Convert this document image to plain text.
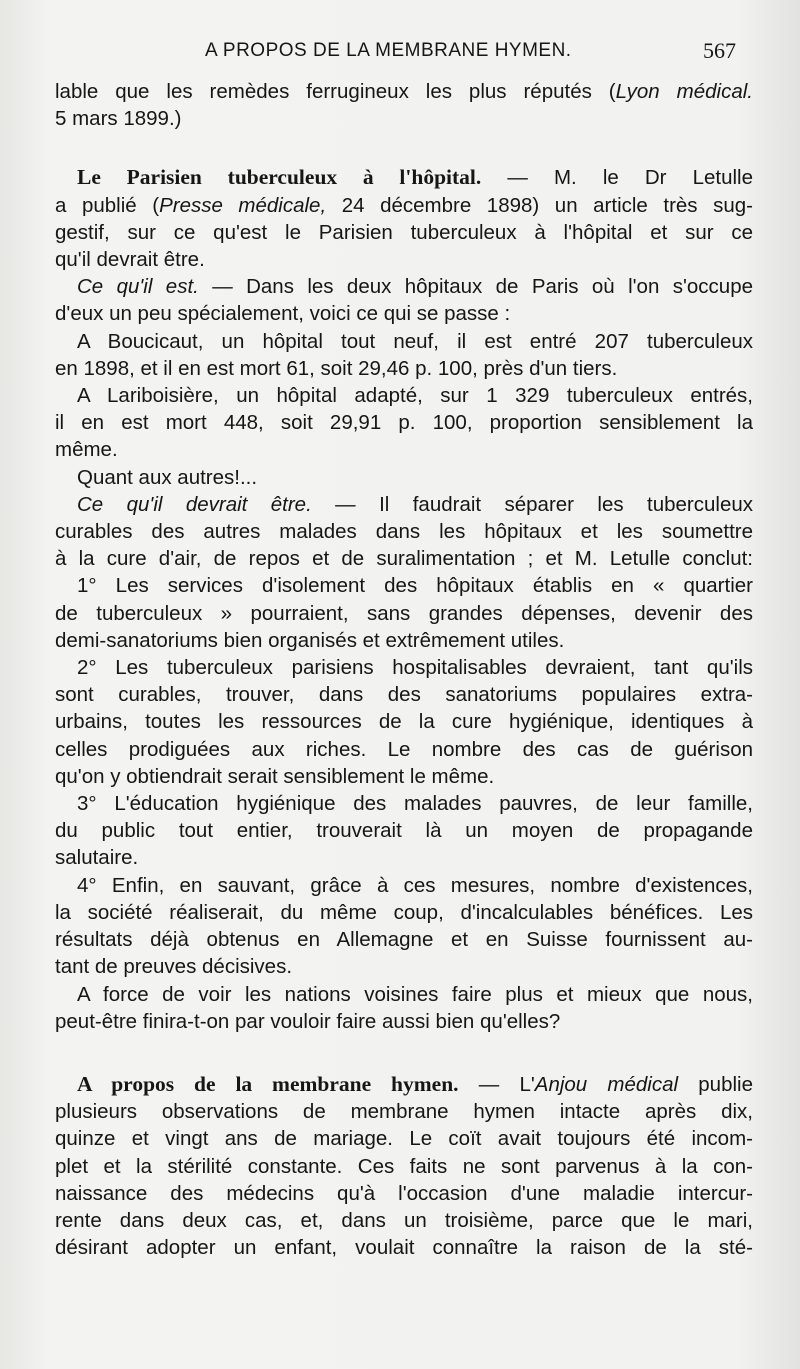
A PROPOS DE LA MEMBRANE HYMEN.	567
lable que les remèdes ferrugineux les plus réputés (Lyon médical.
5 mars 1899.)
Le Parisien tuberculeux à l'hôpital. — M. le Dr Letulle
a publié (Presse médicale, 24 décembre 1898) un article très sug-
gestif, sur ce qu'est le Parisien tuberculeux à l'hôpital et sur ce
qu'il devrait être.
Ce qu'il est. — Dans les deux hôpitaux de Paris où l'on s'occupe
d'eux un peu spécialement, voici ce qui se passe :
A Boucicaut, un hôpital tout neuf, il est entré 207 tuberculeux
en 1898, et il en est mort 61, soit 29,46 p. 100, près d'un tiers.
A Lariboisière, un hôpital adapté, sur 1 329 tuberculeux entrés,
il en est mort 448, soit 29,91 p. 100, proportion sensiblement la
même.
Quant aux autres!...
Ce qu'il devrait être. — Il faudrait séparer les tuberculeux
curables des autres malades dans les hôpitaux et les soumettre
à la cure d'air, de repos et de suralimentation ; et M. Letulle conclut:
1° Les services d'isolement des hôpitaux établis en « quartier
de tuberculeux » pourraient, sans grandes dépenses, devenir des
demi-sanatoriums bien organisés et extrêmement utiles.
2° Les tuberculeux parisiens hospitalisables devraient, tant qu'ils
sont curables, trouver, dans des sanatoriums populaires extra-
urbains, toutes les ressources de la cure hygiénique, identiques à
celles prodiguées aux riches. Le nombre des cas de guérison
qu'on y obtiendrait serait sensiblement le même.
3° L'éducation hygiénique des malades pauvres, de leur famille,
du public tout entier, trouverait là un moyen de propagande
salutaire.
4° Enfin, en sauvant, grâce à ces mesures, nombre d'existences,
la société réaliserait, du même coup, d'incalculables bénéfices. Les
résultats déjà obtenus en Allemagne et en Suisse fournissent au-
tant de preuves décisives.
A force de voir les nations voisines faire plus et mieux que nous,
peut-être finira-t-on par vouloir faire aussi bien qu'elles?
A propos de la membrane hymen. — L'Anjou médical publie
plusieurs observations de membrane hymen intacte après dix,
quinze et vingt ans de mariage. Le coït avait toujours été incom-
plet et la stérilité constante. Ces faits ne sont parvenus à la con-
naissance des médecins qu'à l'occasion d'une maladie intercur-
rente dans deux cas, et, dans un troisième, parce que le mari,
désirant adopter un enfant, voulait connaître la raison de la sté-
